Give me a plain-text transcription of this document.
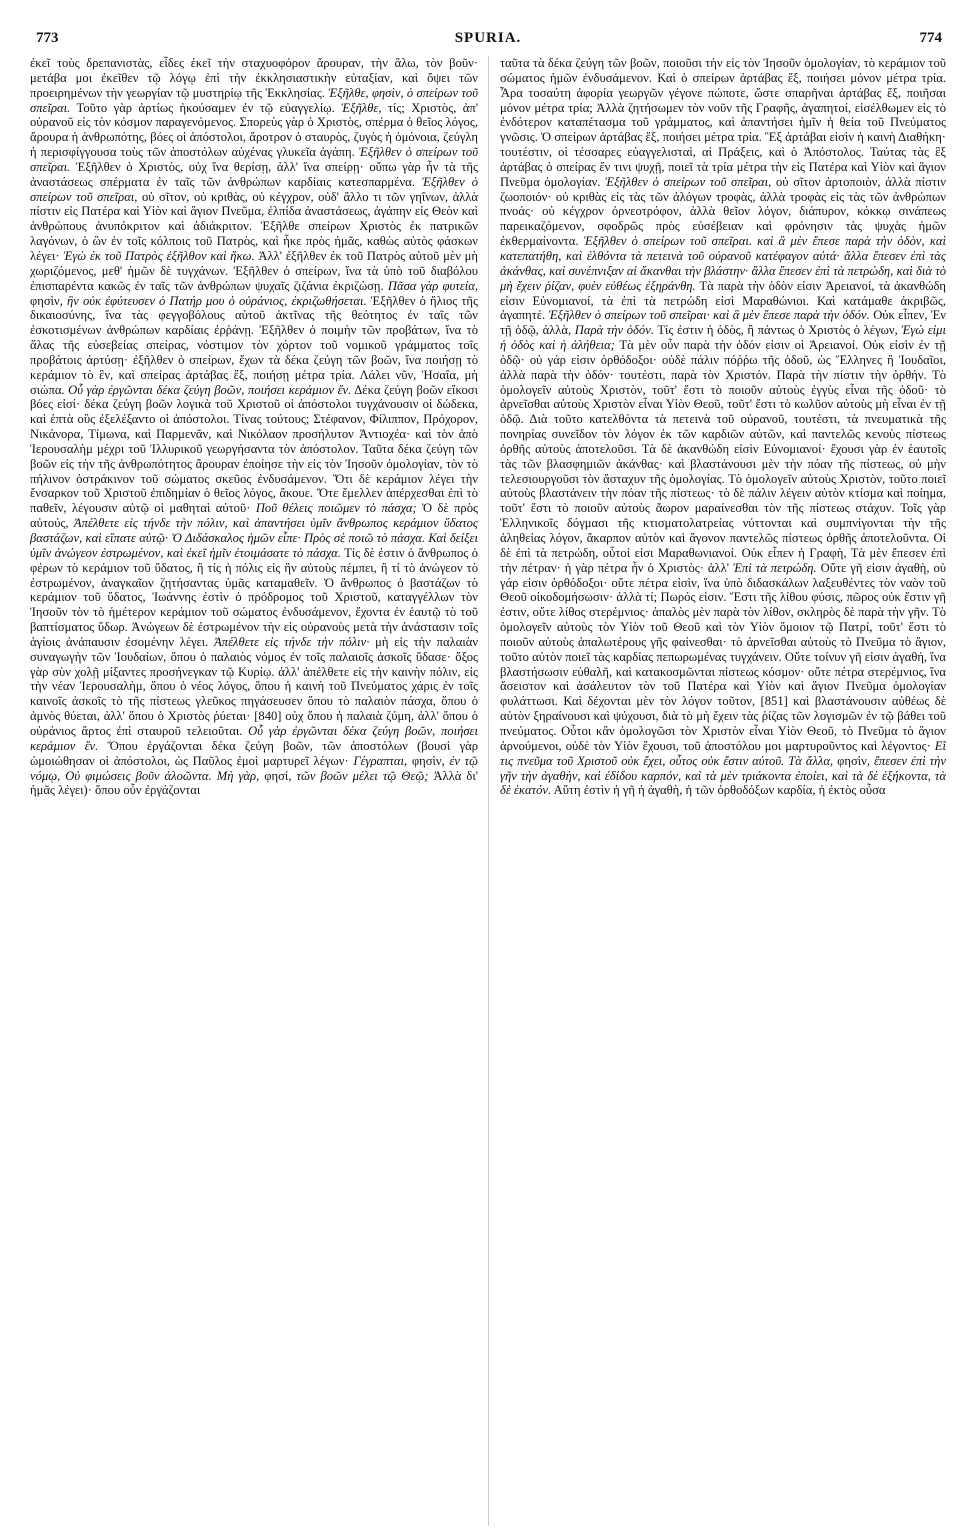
773	SPURIA.	774

ἐκεῖ τοὺς δρεπανιστὰς, εἶδες ἐκεῖ τὴν σταχυοφόρον ἄρουραν, τὴν ἅλω, τὸν βοῦν· μετάβα μοι ἐκεῖθεν τῷ λόγῳ ἐπὶ τὴν ἐκκλησιαστικὴν εὐταξίαν, καὶ ὄψει τῶν προειρημένων τὴν γεωργίαν τῷ μυστηρίῳ τῆς Ἐκκλησίας. Ἐξῆλθε, φησὶν, ὁ σπείρων τοῦ σπεῖραι. Τοῦτο γὰρ ἀρτίως ἠκούσαμεν ἐν τῷ εὐαγγελίῳ. Ἐξῆλθε, τίς; Χριστὸς, ἀπ' οὐρανοῦ εἰς τὸν κόσμον παραγενόμενος. Σπορεὺς γὰρ ὁ Χριστὸς, σπέρμα ὁ θεῖος λόγος, ἄρουρα ἡ ἀνθρωπότης, βόες οἱ ἀπόστολοι, ἄροτρον ὁ σταυρὸς, ζυγὸς ἡ ὁμόνοια, ζεύγλη ἡ περισφίγγουσα τοὺς τῶν ἀποστόλων αὐχένας γλυκεῖα ἀγάπη. Ἐξῆλθεν ὁ σπείρων τοῦ σπεῖραι. Ἐξῆλθεν ὁ Χριστὸς, οὐχ ἵνα θερίσῃ, ἀλλ' ἵνα σπείρῃ· οὔπω γὰρ ἦν τὰ τῆς ἀναστάσεως σπέρματα ἐν ταῖς τῶν ἀνθρώπων καρδίαις κατεσπαρμένα. Ἐξῆλθεν ὁ σπείρων τοῦ σπεῖραι, οὐ σῖτον, οὐ κριθὰς, οὐ κέγχρον, οὐδ' ἄλλο τι τῶν γηΐνων, ἀλλὰ πίστιν εἰς Πατέρα καὶ Υἱὸν καὶ ἅγιον Πνεῦμα, ἐλπίδα ἀναστάσεως, ἀγάπην εἰς Θεὸν καὶ ἀνθρώπους ἀνυπόκριτον καὶ ἀδιάκριτον. Ἐξῆλθε σπείρων Χριστὸς ἐκ πατρικῶν λαγόνων, ὁ ὢν ἐν τοῖς κόλποις τοῦ Πατρὸς, καὶ ἧκε πρὸς ἡμᾶς, καθὼς αὐτὸς φάσκων λέγει· Ἐγὼ ἐκ τοῦ Πατρὸς ἐξῆλθον καὶ ἥκω. Ἀλλ' ἐξῆλθεν ἐκ τοῦ Πατρὸς αὐτοῦ μὲν μὴ χωριζόμενος, μεθ' ἡμῶν δὲ τυγχάνων. Ἐξῆλθεν ὁ σπείρων, ἵνα τὰ ὑπὸ τοῦ διαβόλου ἐπισπαρέντα κακῶς ἐν ταῖς τῶν ἀνθρώπων ψυχαῖς ζιζάνια ἐκριζώσῃ. Πᾶσα γὰρ φυτεία, φησὶν, ἣν οὐκ ἐφύτευσεν ὁ Πατήρ μου ὁ οὐράνιος, ἐκριζωθήσεται. Ἐξῆλθεν ὁ ἥλιος τῆς δικαιοσύνης, ἵνα τὰς φεγγοβόλους αὐτοῦ ἀκτῖνας τῆς θεότητος ἐν ταῖς τῶν ἐσκοτισμένων ἀνθρώπων καρδίαις ἐρῥάνῃ. Ἐξῆλθεν ὁ ποιμὴν τῶν προβάτων, ἵνα τὸ ἅλας τῆς εὐσεβείας σπείρας, νόστιμον τὸν χόρτον τοῦ νομικοῦ γράμματος τοῖς προβάτοις ἀρτύσῃ· ἐξῆλθεν ὁ σπείρων, ἔχων τὰ δέκα ζεύγη τῶν βοῶν, ἵνα ποιήσῃ τὸ κεράμιον τὸ ἓν, καὶ σπείρας ἀρτάβας ἕξ, ποιήσῃ μέτρα τρία. Λάλει νῦν, Ἡσαΐα, μὴ σιώπα. Οὗ γὰρ ἐργῶνται δέκα ζεύγη βοῶν, ποιήσει κεράμιον ἕν. Δέκα ζεύγη βοῶν εἴκοσι βόες εἰσί· δέκα ζεύγη βοῶν λογικὰ τοῦ Χριστοῦ οἱ ἀπόστολοι τυγχάνουσιν οἱ δώδεκα, καὶ ἑπτὰ οὓς ἐξελέξαντο οἱ ἀπόστολοι. Τίνας τούτους; Στέφανον, Φίλιππον, Πρόχορον, Νικάνορα, Τίμωνα, καὶ Παρμενᾶν, καὶ Νικόλαον προσήλυτον Ἀντιοχέα· καὶ τὸν ἀπὸ Ἱερουσαλὴμ μέχρι τοῦ Ἰλλυρικοῦ γεωργήσαντα τὸν ἀπόστολον. Ταῦτα δέκα ζεύγη τῶν βοῶν εἰς τὴν τῆς ἀνθρωπότητος ἄρουραν ἐποίησε τὴν εἰς τὸν Ἰησοῦν ὁμολογίαν, τὸν τὸ πήλινον ὀστράκινον τοῦ σώματος σκεῦος ἐνδυσάμενον. Ὅτι δὲ κεράμιον λέγει τὴν ἔνσαρκον τοῦ Χριστοῦ ἐπιδημίαν ὁ θεῖος λόγος, ἄκουε. Ὅτε ἔμελλεν ἀπέρχεσθαι ἐπὶ τὸ παθεῖν, λέγουσιν αὐτῷ οἱ μαθηταὶ αὐτοῦ· Ποῦ θέλεις ποιῶμεν τὸ πάσχα; Ὁ δὲ πρὸς αὐτούς, Ἀπέλθετε εἰς τήνδε τὴν πόλιν, καὶ ἀπαντήσει ὑμῖν ἄνθρωπος κεράμιον ὕδατος βαστάζων, καὶ εἴπατε αὐτῷ· Ὁ Διδάσκαλος ἡμῶν εἶπε· Πρὸς σὲ ποιῶ τὸ πάσχα. Καὶ δείξει ὑμῖν ἀνώγεον ἐστρωμένον, καὶ ἐκεῖ ἡμῖν ἑτοιμάσατε τὸ πάσχα. Τίς δὲ ἐστιν ὁ ἄνθρωπος ὁ φέρων τὸ κεράμιον τοῦ ὕδατος, ἢ τίς ἡ πόλις εἰς ἣν αὐτοὺς πέμπει, ἢ τί τὸ ἀνώγεον τὸ ἐστρωμένον, ἀναγκαῖον ζητήσαντας ὑμᾶς καταμαθεῖν. Ὁ ἄνθρωπος ὁ βαστάζων τὸ κεράμιον τοῦ ὕδατος, Ἰωάννης ἐστὶν ὁ πρόδρομος τοῦ Χριστοῦ, καταγγέλλων τὸν Ἰησοῦν τὸν τὸ ἡμέτερον κεράμιον τοῦ σώματος ἐνδυσάμενον, ἔχοντα ἐν ἑαυτῷ τὸ τοῦ βαπτίσματος ὕδωρ. Ἀνώγεων δὲ ἐστρωμένον τὴν εἰς οὐρανοὺς μετὰ τὴν ἀνάστασιν τοῖς ἁγίοις ἀνάπαυσιν ἐσομένην λέγει. Ἀπέλθετε εἰς τήνδε τὴν πόλιν· μὴ εἰς τὴν παλαιὰν συναγωγὴν τῶν Ἰουδαίων, ὅπου ὁ παλαιὸς νόμος ἐν τοῖς παλαιοῖς ἀσκοῖς ὕδασε· ὄξος γὰρ σὺν χολῇ μίξαντες προσήνεγκαν τῷ Κυρίῳ. ἀλλ' ἀπέλθετε εἰς τὴν καινὴν πόλιν, εἰς τὴν νέαν Ἱερουσαλὴμ, ὅπου ὁ νέος λόγος, ὅπου ἡ καινὴ τοῦ Πνεύματος χάρις ἐν τοῖς καινοῖς ἀσκοῖς τὸ τῆς πίστεως γλεῦκος πηγάσευσεν ὅπου τὸ παλαιὸν πάσχα, ὅπου ὁ ἀμνὸς θύεται, ἀλλ' ὅπου ὁ Χριστὸς ῥύεται· [840] οὐχ ὅπου ἡ παλαιὰ ζύμη, ἀλλ' ὅπου ὁ οὐράνιος ἄρτος ἐπὶ σταυροῦ τελειοῦται. Οὗ γὰρ ἐργῶνται δέκα ζεύγη βοῶν, ποιήσει κεράμιον ἕν. Ὅπου ἐργάζονται δέκα ζεύγη βοῶν, τῶν ἀποστόλων (βουσὶ γὰρ ὡμοιώθησαν οἱ ἀπόστολοι, ὡς Παῦλος ἐμοὶ μαρτυρεῖ λέγων· Γέγραπται, φησὶν, ἐν τῷ νόμῳ, Οὐ φιμώσεις βοῦν ἀλοῶντα. Μὴ γὰρ, φησί, τῶν βοῶν μέλει τῷ Θεῷ; Ἀλλὰ δι' ἡμᾶς λέγει)· ὅπου οὖν ἐργάζονται

ταῦτα τὰ δέκα ζεύγη τῶν βοῶν, ποιοῦσι τὴν εἰς τὸν Ἰησοῦν ὁμολογίαν, τὸ κεράμιον τοῦ σώματος ἡμῶν ἐνδυσάμενον. Καὶ ὁ σπείρων ἀρτάβας ἕξ, ποιήσει μόνον μέτρα τρία. Ἆρα τοσαύτη ἀφορία γεωργῶν γέγονε πώποτε, ὥστε σπαρῆναι ἀρτάβας ἕξ, ποιῆσαι μόνον μέτρα τρία; Ἀλλὰ ζητήσωμεν τὸν νοῦν τῆς Γραφῆς, ἀγαπητοί, εἰσέλθωμεν εἰς τὸ ἐνδότερον καταπέτασμα τοῦ γράμματος, καὶ ἀπαντήσει ἡμῖν ἡ θεία τοῦ Πνεύματος γνῶσις. Ὁ σπείρων ἀρτάβας ἕξ, ποιήσει μέτρα τρία. Ἓξ ἀρτάβαι εἰσὶν ἡ καινὴ Διαθήκη· τουτέστιν, οἱ τέσσαρες εὐαγγελισταὶ, αἱ Πράξεις, καὶ ὁ Ἀπόστολος. Ταύτας τὰς ἓξ ἀρτάβας ὁ σπείρας ἔν τινι ψυχῇ, ποιεῖ τὰ τρία μέτρα τὴν εἰς Πατέρα καὶ Υἱὸν καὶ ἅγιον Πνεῦμα ὁμολογίαν. Ἐξῆλθεν ὁ σπείρων τοῦ σπεῖραι, οὐ σῖτον ἀρτοποιὸν, ἀλλὰ πίστιν ζωοποιόν· οὐ κριθὰς εἰς τὰς τῶν ἀλόγων τροφὰς, ἀλλὰ τροφὰς εἰς τὰς τῶν ἀνθρώπων πνοάς· οὐ κέγχρον ὀρνεοτρόφον, ἀλλὰ θεῖον λόγον, διάπυρον, κόκκῳ σινάπεως παρεικαζόμενον, σφοδρῶς πρὸς εὐσέβειαν καὶ φρόνησιν τὰς ψυχὰς ἡμῶν ἐκθερμαίνοντα. Ἐξῆλθεν ὁ σπείρων τοῦ σπεῖραι. καὶ ἃ μὲν ἔπεσε παρὰ τὴν ὁδὸν, καὶ κατεπατήθη, καὶ ἐλθόντα τὰ πετεινὰ τοῦ οὐρανοῦ κατέφαγον αὐτά· ἄλλα ἔπεσεν ἐπὶ τὰς ἀκάνθας, καὶ συνέπνιξαν αἱ ἄκανθαι τὴν βλάστην· ἄλλα ἔπεσεν ἐπὶ τὰ πετρώδη, καὶ διὰ τὸ μὴ ἔχειν ῥίζαν, φυὲν εὐθέως ἐξηράνθη. Τὰ παρὰ τὴν ὁδὸν εἰσιν Ἀρειανοί, τὰ ἀκανθώδη εἰσιν Εὐνομιανοί, τὰ ἐπὶ τὰ πετρώδη εἰσὶ Μαραθώνιοι. Καὶ κατάμαθε ἀκριβῶς, ἀγαπητέ. Ἐξῆλθεν ὁ σπείρων τοῦ σπεῖραι· καὶ ἃ μὲν ἔπεσε παρὰ τὴν ὁδόν. Οὐκ εἶπεν, Ἐν τῇ ὁδῷ, ἀλλὰ, Παρὰ τὴν ὁδόν. Τίς ἐστιν ἡ ὁδὸς, ἢ πάντως ὁ Χριστὸς ὁ λέγων, Ἐγώ εἰμι ἡ ὁδὸς καὶ ἡ ἀλήθεια; Τὰ μὲν οὖν παρὰ τὴν ὁδόν εἰσιν οἱ Ἀρειανοί. Οὐκ εἰσὶν ἐν τῇ ὁδῷ· οὐ γάρ εἰσιν ὀρθόδοξοι· οὐδὲ πάλιν πόῤῥω τῆς ὁδοῦ, ὡς Ἕλληνες ἢ Ἰουδαῖοι, ἀλλὰ παρὰ τὴν ὁδόν· τουτέστι, παρὰ τὸν Χριστόν. Παρὰ τὴν πίστιν τὴν ὀρθήν. Τὸ ὁμολογεῖν αὐτοὺς Χριστὸν, τοῦτ' ἔστι τὸ ποιοῦν αὐτοὺς ἐγγὺς εἶναι τῆς ὁδοῦ· τὸ ἀρνεῖσθαι αὐτοὺς Χριστὸν εἶναι Υἱὸν Θεοῦ, τοῦτ' ἔστι τὸ κωλῦον αὐτοὺς μὴ εἶναι ἐν τῇ ὁδῷ. Διὰ τοῦτο κατελθόντα τὰ πετεινὰ τοῦ οὐρανοῦ, τουτέστι, τὰ πνευματικὰ τῆς πονηρίας συνεῖδον τὸν λόγον ἐκ τῶν καρδιῶν αὐτῶν, καὶ παντελῶς κενοὺς πίστεως ὀρθῆς αὐτοὺς ἀποτελοῦσι. Τὰ δὲ ἀκανθώδη εἰσὶν Εὐνομιανοί· ἔχουσι γὰρ ἐν ἑαυτοῖς τὰς τῶν βλασφημιῶν ἀκάνθας· καὶ βλαστάνουσι μὲν τὴν πόαν τῆς πίστεως, οὐ μὴν τελεσιουργοῦσι τὸν ἄσταχυν τῆς ὁμολογίας. Τὸ ὁμολογεῖν αὐτοὺς Χριστὸν, τοῦτο ποιεῖ αὐτοὺς βλαστάνειν τὴν πόαν τῆς πίστεως· τὸ δὲ πάλιν λέγειν αὐτὸν κτίσμα καὶ ποίημα, τοῦτ' ἔστι τὸ ποιοῦν αὐτοὺς ἄωρον μαραίνεσθαι τὸν τῆς πίστεως στάχυν. Τοῖς γὰρ Ἑλληνικοῖς δόγμασι τῆς κτισματολατρείας νύττονται καὶ συμπνίγονται τὴν τῆς ἀληθείας λόγον, ἄκαρπον αὐτὸν καὶ ἄγονον παντελῶς πίστεως ὀρθῆς ἀποτελοῦντα. Οἱ δὲ ἐπὶ τὰ πετρώδη, οὗτοί εἰσι Μαραθωνιανοί. Οὐκ εἶπεν ἡ Γραφὴ, Τὰ μὲν ἔπεσεν ἐπὶ τὴν πέτραν· ἡ γὰρ πέτρα ἦν ὁ Χριστὸς· ἀλλ' Ἐπὶ τὰ πετρώδη. Οὔτε γῆ εἰσιν ἀγαθὴ, οὐ γάρ εἰσιν ὀρθόδοξοι· οὔτε πέτρα εἰσὶν, ἵνα ὑπὸ διδασκάλων λαξευθέντες τὸν ναὸν τοῦ Θεοῦ οἰκοδομήσωσιν· ἀλλὰ τί; Πωρός εἰσιν. Ἔστι τῆς λίθου φύσις, πῶρος οὐκ ἔστιν γῆ ἐστιν, οὔτε λίθος στερέμνιος· ἁπαλὸς μὲν παρὰ τὸν λίθον, σκληρὸς δὲ παρὰ τὴν γῆν. Τὸ ὁμολογεῖν αὐτοὺς τὸν Υἱὸν τοῦ Θεοῦ καὶ τὸν Υἱὸν ὅμοιον τῷ Πατρί, τοῦτ' ἔστι τὸ ποιοῦν αὐτοὺς ἀπαλωτέρους γῆς φαίνεσθαι· τὸ ἀρνεῖσθαι αὐτοὺς τὸ Πνεῦμα τὸ ἅγιον, τοῦτο αὐτὸν ποιεῖ τὰς καρδίας πεπωρωμένας τυγχάνειν. Οὔτε τοίνυν γῆ εἰσιν ἀγαθή, ἵνα βλαστήσωσιν εὐθαλῆ, καὶ κατακοσμῶνται πίστεως κόσμον· οὔτε πέτρα στερέμνιος, ἵνα ἄσειστον καὶ ἀσάλευτον τὸν τοῦ Πατέρα καὶ Υἱὸν καὶ ἅγιον Πνεῦμα ὁμολογίαν φυλάττωσι. Καὶ δέχονται μὲν τὸν λόγον τοῦτον, [851] καὶ βλαστάνουσιν αὐθέως δὲ αὐτὸν ξηραίνουσι καὶ ψύχουσι, διὰ τὸ μὴ ἔχειν τὰς ῥίζας τῶν λογισμῶν ἐν τῷ βάθει τοῦ πνεύματος. Οὗτοι κἂν ὁμολογῶσι τὸν Χριστὸν εἶναι Υἱὸν Θεοῦ, τὸ Πνεῦμα τὸ ἅγιον ἀρνούμενοι, οὐδὲ τὸν Υἱὸν ἔχουσι, τοῦ ἀποστόλου μοι μαρτυροῦντος καὶ λέγοντος· Εἴ τις πνεῦμα τοῦ Χριστοῦ οὐκ ἔχει, οὗτος οὐκ ἔστιν αὐτοῦ. Τὰ ἄλλα, φησὶν, ἔπεσεν ἐπὶ τὴν γῆν τὴν ἀγαθὴν, καὶ ἐδίδου καρπόν, καὶ τὰ μὲν τριάκοντα ἐποίει, καὶ τὰ δὲ ἑξήκοντα, τὰ δὲ ἑκατόν. Αὕτη ἐστὶν ἡ γῆ ἡ ἀγαθὴ, ἡ τῶν ὀρθοδόξων καρδία, ἡ ἐκτὸς οὖσα
